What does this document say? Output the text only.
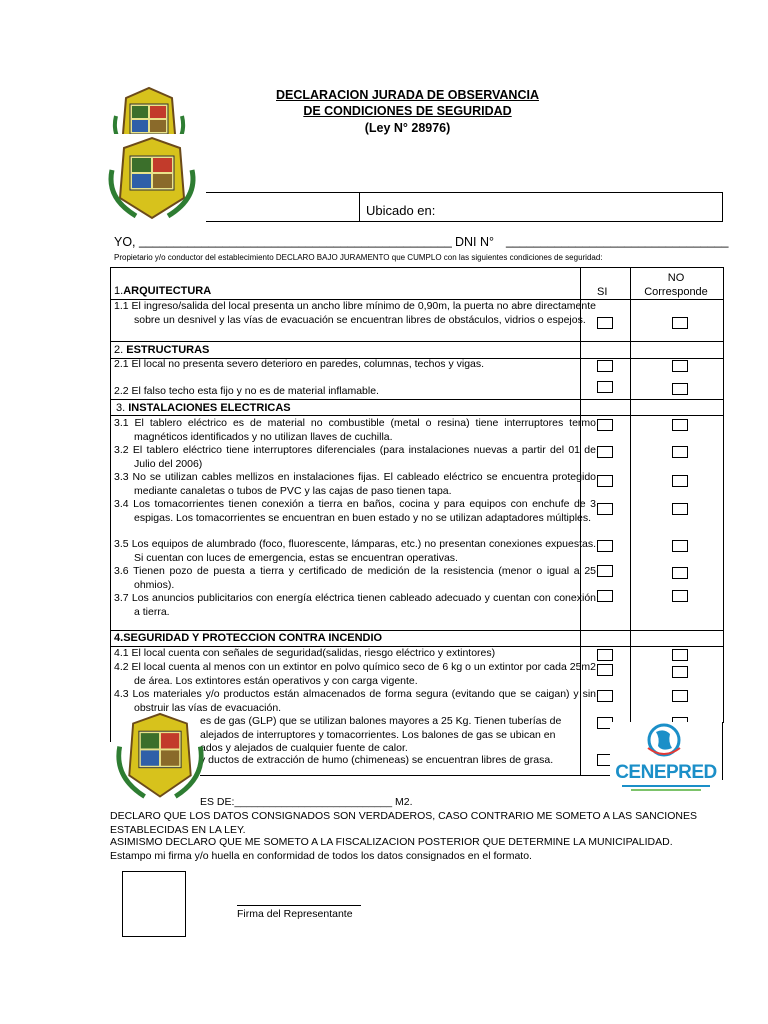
DECLARACION JURADA DE OBSERVANCIA
DE CONDICIONES DE SEGURIDAD
(Ley N° 28976)
Ubicado en:
YO, _____________________________________________ DNI N° ________________________________
Propietario y/o conductor del establecimiento DECLARO BAJO JURAMENTO que CUMPLO con las siguientes condiciones de seguridad:
1.ARQUITECTURA	SI
NO
Corresponde
1.1 El ingreso/salida del local presenta un ancho libre mínimo de 0,90m, la puerta no abre directamente sobre un desnivel y las vías de evacuación se encuentran libres de obstáculos, vidrios o espejos.
2. ESTRUCTURAS
2.1 El local no presenta severo deterioro en paredes, columnas, techos y vigas.
2.2 El falso techo esta fijo y no es de material inflamable.
3. INSTALACIONES ELECTRICAS
3.1 El tablero eléctrico es de material no combustible (metal o resina) tiene interruptores termo magnéticos identificados y no utilizan llaves de cuchilla.
3.2 El tablero eléctrico tiene interruptores diferenciales (para instalaciones nuevas a partir del 01 de Julio del 2006)
3.3 No se utilizan cables mellizos en instalaciones fijas. El cableado eléctrico se encuentra protegido mediante canaletas o tubos de PVC y las cajas de paso tienen tapa.
3.4 Los tomacorrientes tienen conexión a tierra en baños, cocina y para equipos con enchufe de 3 espigas. Los tomacorrientes se encuentran en buen estado y no se utilizan adaptadores múltiples.
3.5 Los equipos de alumbrado (foco, fluorescente, lámparas, etc.) no presentan conexiones expuestas. Si cuentan con luces de emergencia, estas se encuentran operativas.
3.6 Tienen pozo de puesta a tierra y certificado de medición de la resistencia (menor o igual a 25 ohmios).
3.7 Los anuncios publicitarios con energía eléctrica tienen cableado adecuado y cuentan con conexión a tierra.
4.SEGURIDAD Y PROTECCION CONTRA INCENDIO
4.1 El local cuenta con señales de seguridad(salidas, riesgo eléctrico y extintores)
4.2 El local cuenta al menos con un extintor en polvo químico seco de 6 kg o un extintor por cada 25m2 de área. Los extintores están operativos y con carga vigente.
4.3 Los materiales y/o productos están almacenados de forma segura (evitando que se caigan) y sin obstruir las vías de evacuación.
es de gas (GLP) que se utilizan balones mayores a 25 Kg. Tienen tuberías de alejados de interruptores y tomacorrientes. Los balones de gas se ubican en ados y alejados de cualquier fuente de calor.
y ductos de extracción de humo (chimeneas) se encuentran libres de grasa.
CENEPRED
ES DE:___________________________ M2.
DECLARO QUE LOS DATOS CONSIGNADOS SON VERDADEROS, CASO CONTRARIO ME SOMETO A LAS SANCIONES ESTABLECIDAS EN LA LEY.
ASIMISMO DECLARO QUE ME SOMETO A LA FISCALIZACION POSTERIOR QUE DETERMINE LA MUNICIPALIDAD.
Estampo mi firma y/o huella en conformidad de todos los datos consignados en el formato.
Firma del Representante
